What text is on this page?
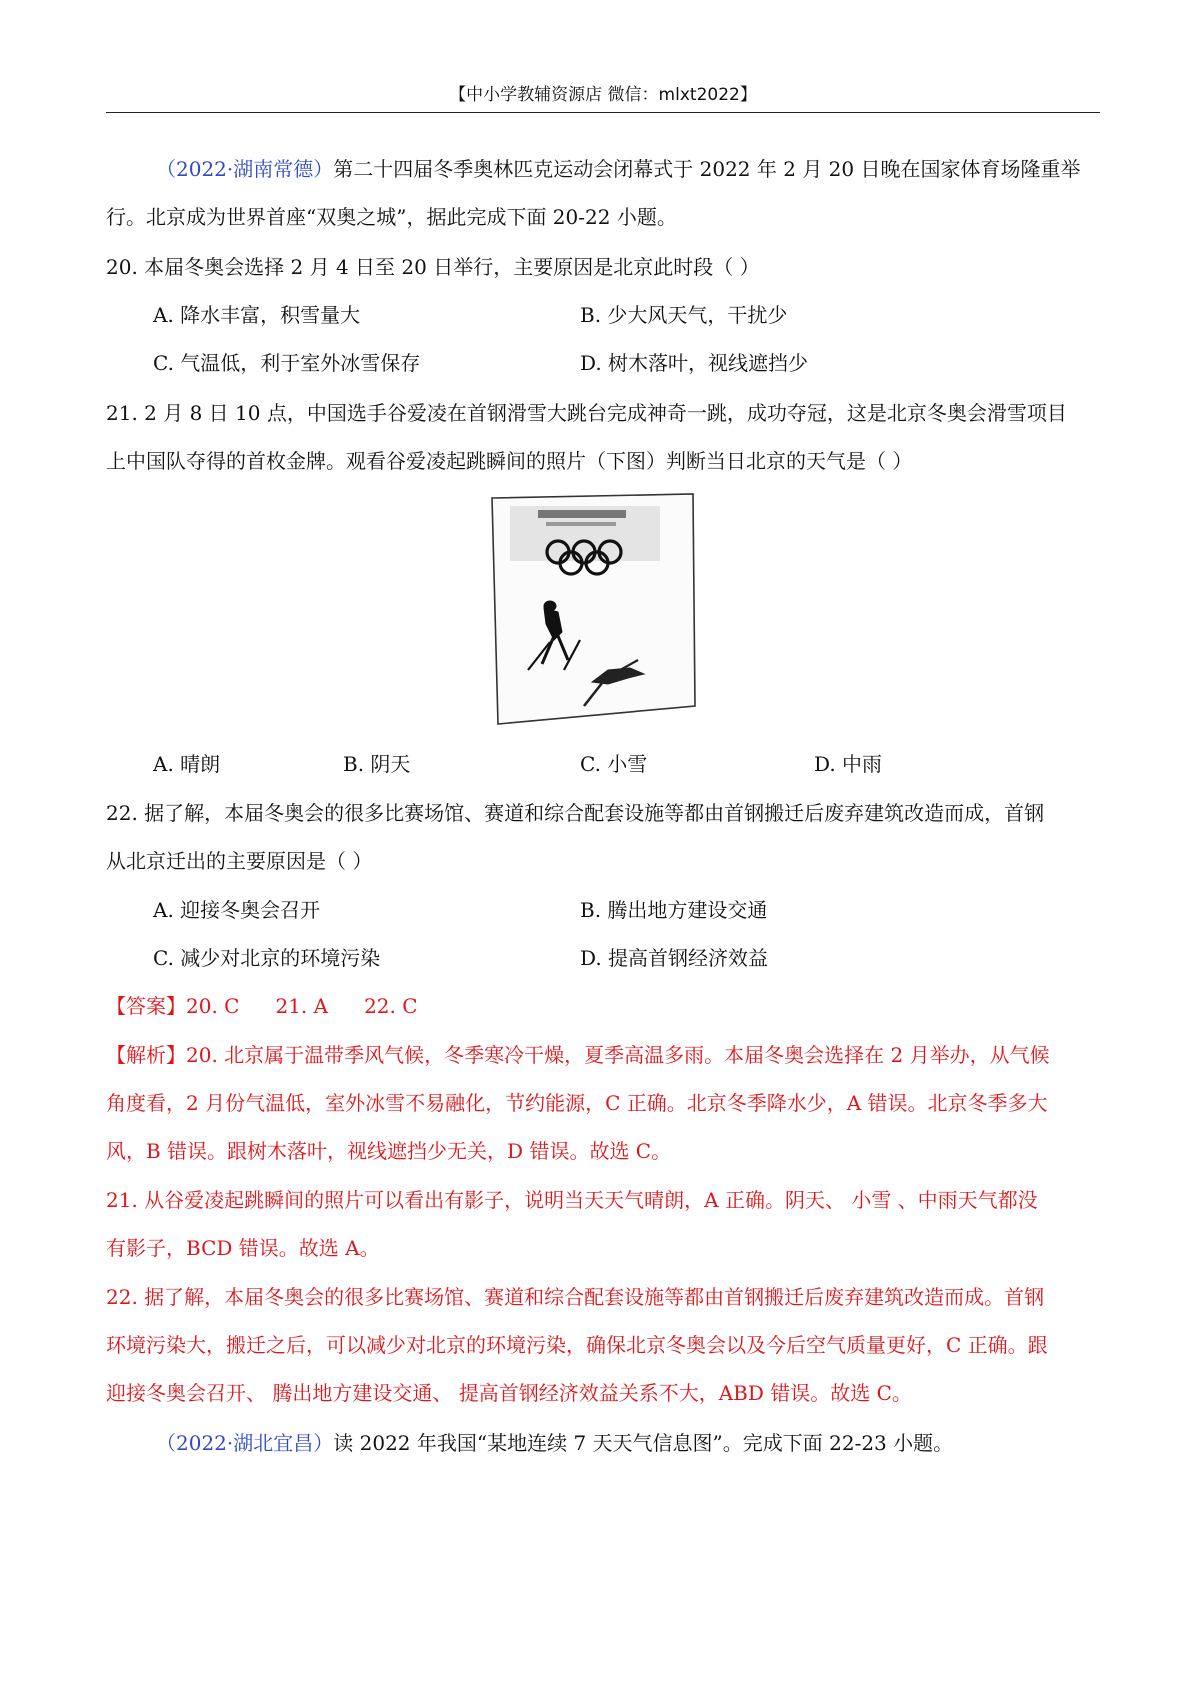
【中小学教辅资源店 微信：mlxt2022】
（2022·湖南常德）第二十四届冬季奥林匹克运动会闭幕式于 2022 年 2 月 20 日晚在国家体育场隆重举
行。北京成为世界首座“双奥之城”，据此完成下面 20-22 小题。
20. 本届冬奥会选择 2 月 4 日至 20 日举行，主要原因是北京此时段（ ）
A. 降水丰富，积雪量大	B. 少大风天气，干扰少
C. 气温低，利于室外冰雪保存	D. 树木落叶，视线遮挡少
21. 2 月 8 日 10 点，中国选手谷爱凌在首钢滑雪大跳台完成神奇一跳，成功夺冠，这是北京冬奥会滑雪项目
上中国队夺得的首枚金牌。观看谷爱凌起跳瞬间的照片（下图）判断当日北京的天气是（ ）
A. 晴朗	B. 阴天	C. 小雪	D. 中雨
22. 据了解，本届冬奥会的很多比赛场馆、赛道和综合配套设施等都由首钢搬迁后废弃建筑改造而成，首钢
从北京迁出的主要原因是（ ）
A. 迎接冬奥会召开	B. 腾出地方建设交通
C. 减少对北京的环境污染	D. 提高首钢经济效益
【答案】20. C 21. A 22. C
【解析】20. 北京属于温带季风气候，冬季寒冷干燥，夏季高温多雨。本届冬奥会选择在 2 月举办，从气候
角度看，2 月份气温低，室外冰雪不易融化，节约能源，C 正确。北京冬季降水少，A 错误。北京冬季多大
风，B 错误。跟树木落叶，视线遮挡少无关，D 错误。故选 C。
21. 从谷爱凌起跳瞬间的照片可以看出有影子，说明当天天气晴朗，A 正确。阴天、 小雪 、中雨天气都没
有影子，BCD 错误。故选 A。
22. 据了解，本届冬奥会的很多比赛场馆、赛道和综合配套设施等都由首钢搬迁后废弃建筑改造而成。首钢
环境污染大，搬迁之后，可以减少对北京的环境污染，确保北京冬奥会以及今后空气质量更好，C 正确。跟
迎接冬奥会召开、 腾出地方建设交通、 提高首钢经济效益关系不大，ABD 错误。故选 C。
（2022·湖北宜昌）读 2022 年我国“某地连续 7 天天气信息图”。完成下面 22-23 小题。
